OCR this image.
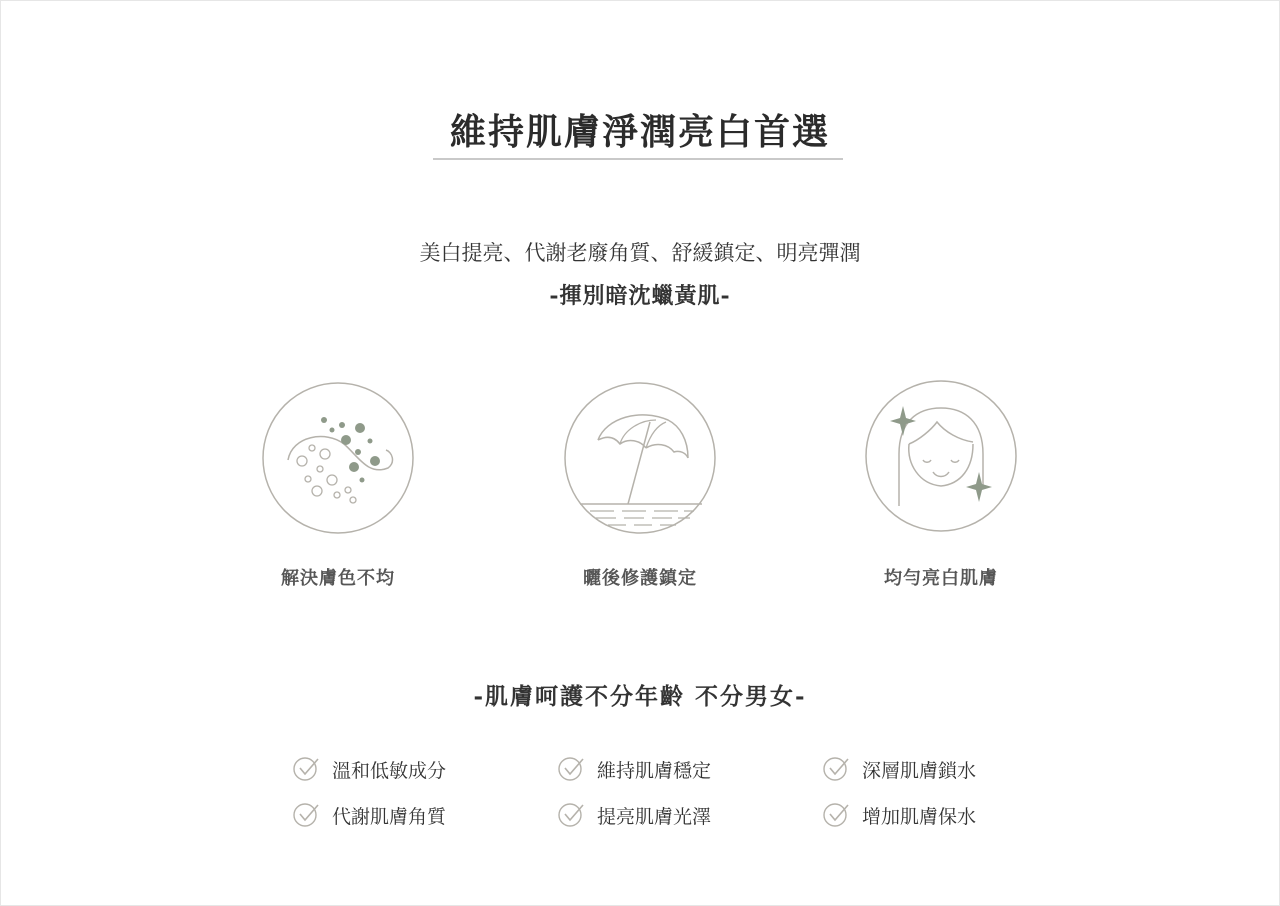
維持肌膚淨潤亮白首選

美白提亮、代謝老廢角質、舒緩鎮定、明亮彈潤

-揮別暗沈蠟黃肌-

解決膚色不均	曬後修護鎮定	均勻亮白肌膚
-肌膚呵護不分年齡 不分男女-
溫和低敏成分	維持肌膚穩定	深層肌膚鎖水
代謝肌膚角質	提亮肌膚光澤	增加肌膚保水
